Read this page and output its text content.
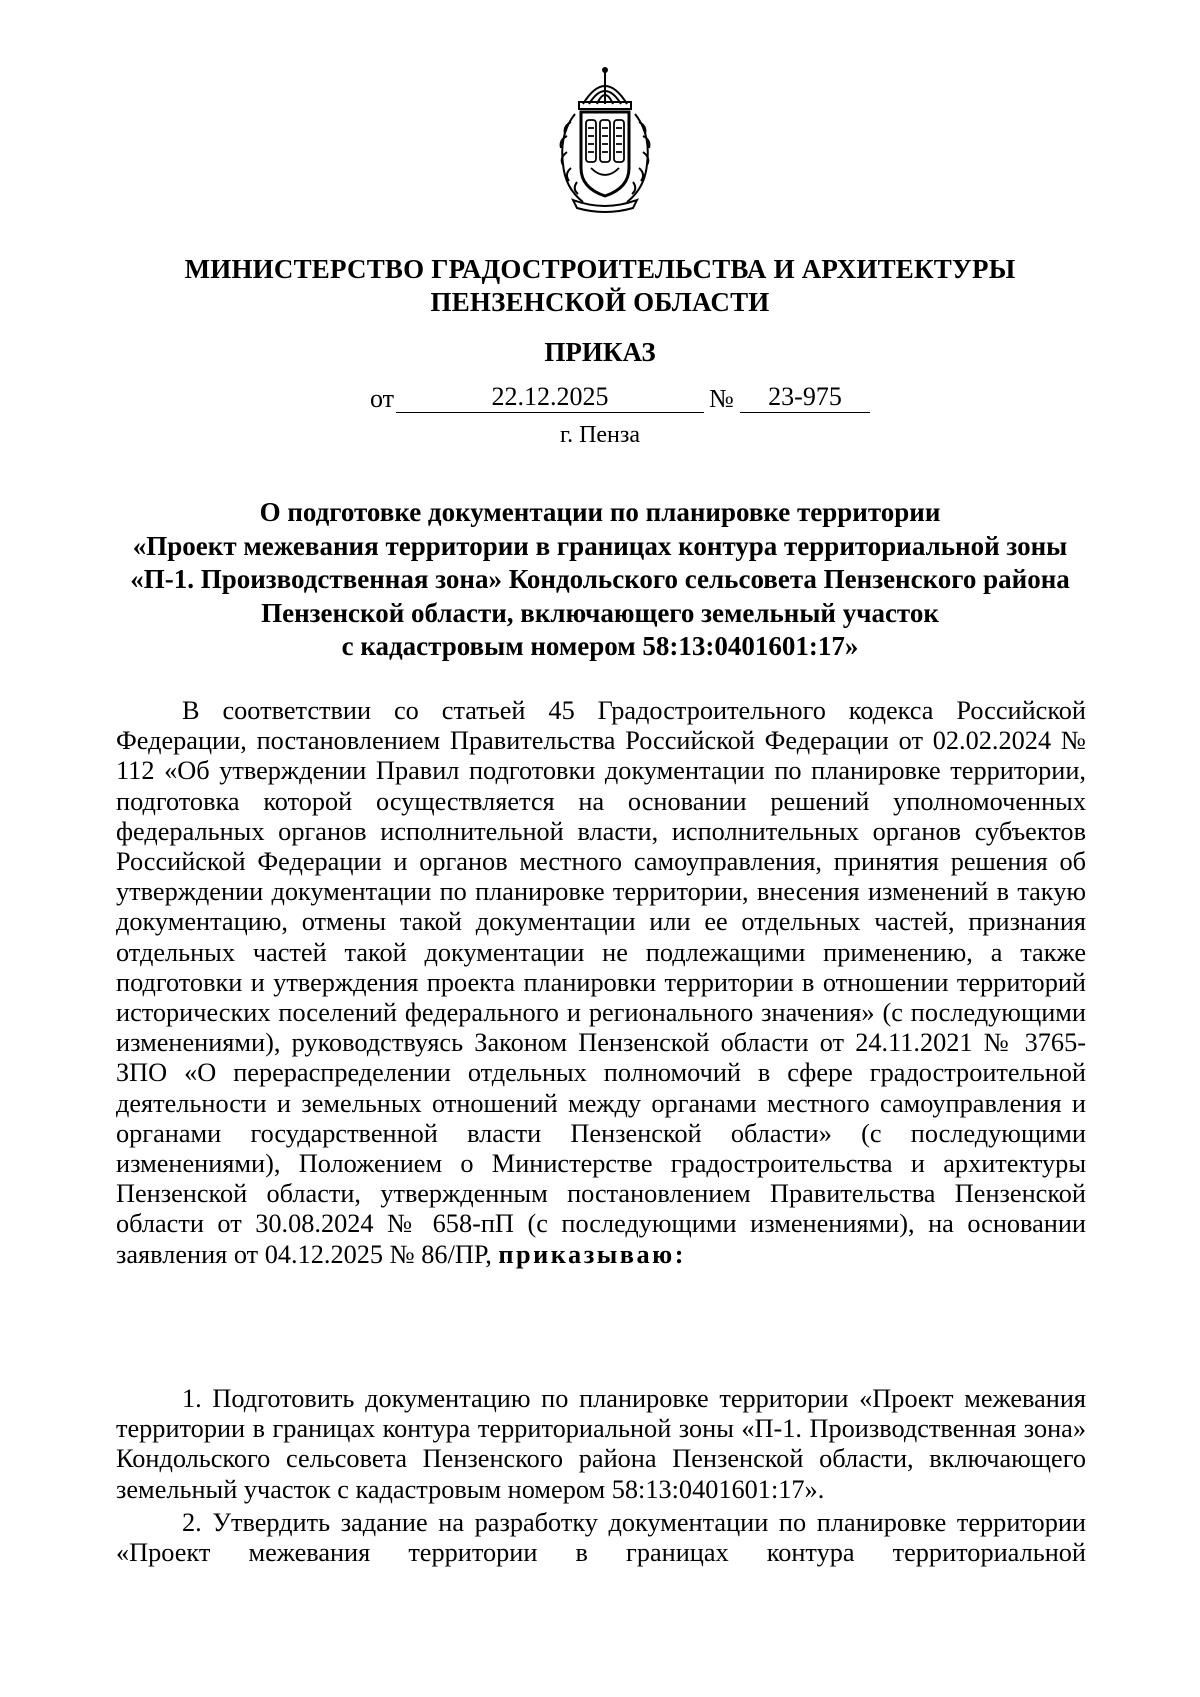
МИНИСТЕРСТВО ГРАДОСТРОИТЕЛЬСТВА И АРХИТЕКТУРЫ
ПЕНЗЕНСКОЙ ОБЛАСТИ
ПРИКАЗ
от	22.12.2025	№	23-975
г. Пенза
О подготовке документации по планировке территории
«Проект межевания территории в границах контура территориальной зоны
«П-1. Производственная зона» Кондольского сельсовета Пензенского района
Пензенской области, включающего земельный участок
с кадастровым номером 58:13:0401601:17»
В соответствии со статьей 45 Градостроительного кодекса Российской Федерации, постановлением Правительства Российской Федерации от 02.02.2024 № 112 «Об утверждении Правил подготовки документации по планировке территории, подготовка которой осуществляется на основании решений уполномоченных федеральных органов исполнительной власти, исполнительных органов субъектов Российской Федерации и органов местного самоуправления, принятия решения об утверждении документации по планировке территории, внесения изменений в такую документацию, отмены такой документации или ее отдельных частей, признания отдельных частей такой документации не подлежащими применению, а также подготовки и утверждения проекта планировки территории в отношении территорий исторических поселений федерального и регионального значения» (с последующими изменениями), руководствуясь Законом Пензенской области от 24.11.2021 № 3765-ЗПО «О перераспределении отдельных полномочий в сфере градостроительной деятельности и земельных отношений между органами местного самоуправления и органами государственной власти Пензенской области» (с последующими изменениями), Положением о Министерстве градостроительства и архитектуры Пензенской области, утвержденным постановлением Правительства Пензенской области от 30.08.2024 № 658-пП (с последующими изменениями), на основании заявления от 04.12.2025 № 86/ПР, приказываю:
1. Подготовить документацию по планировке территории «Проект межевания территории в границах контура территориальной зоны «П-1. Производственная зона» Кондольского сельсовета Пензенского района Пензенской области, включающего земельный участок с кадастровым номером 58:13:0401601:17».
2. Утвердить задание на разработку документации по планировке территории «Проект межевания территории в границах контура территориальной
